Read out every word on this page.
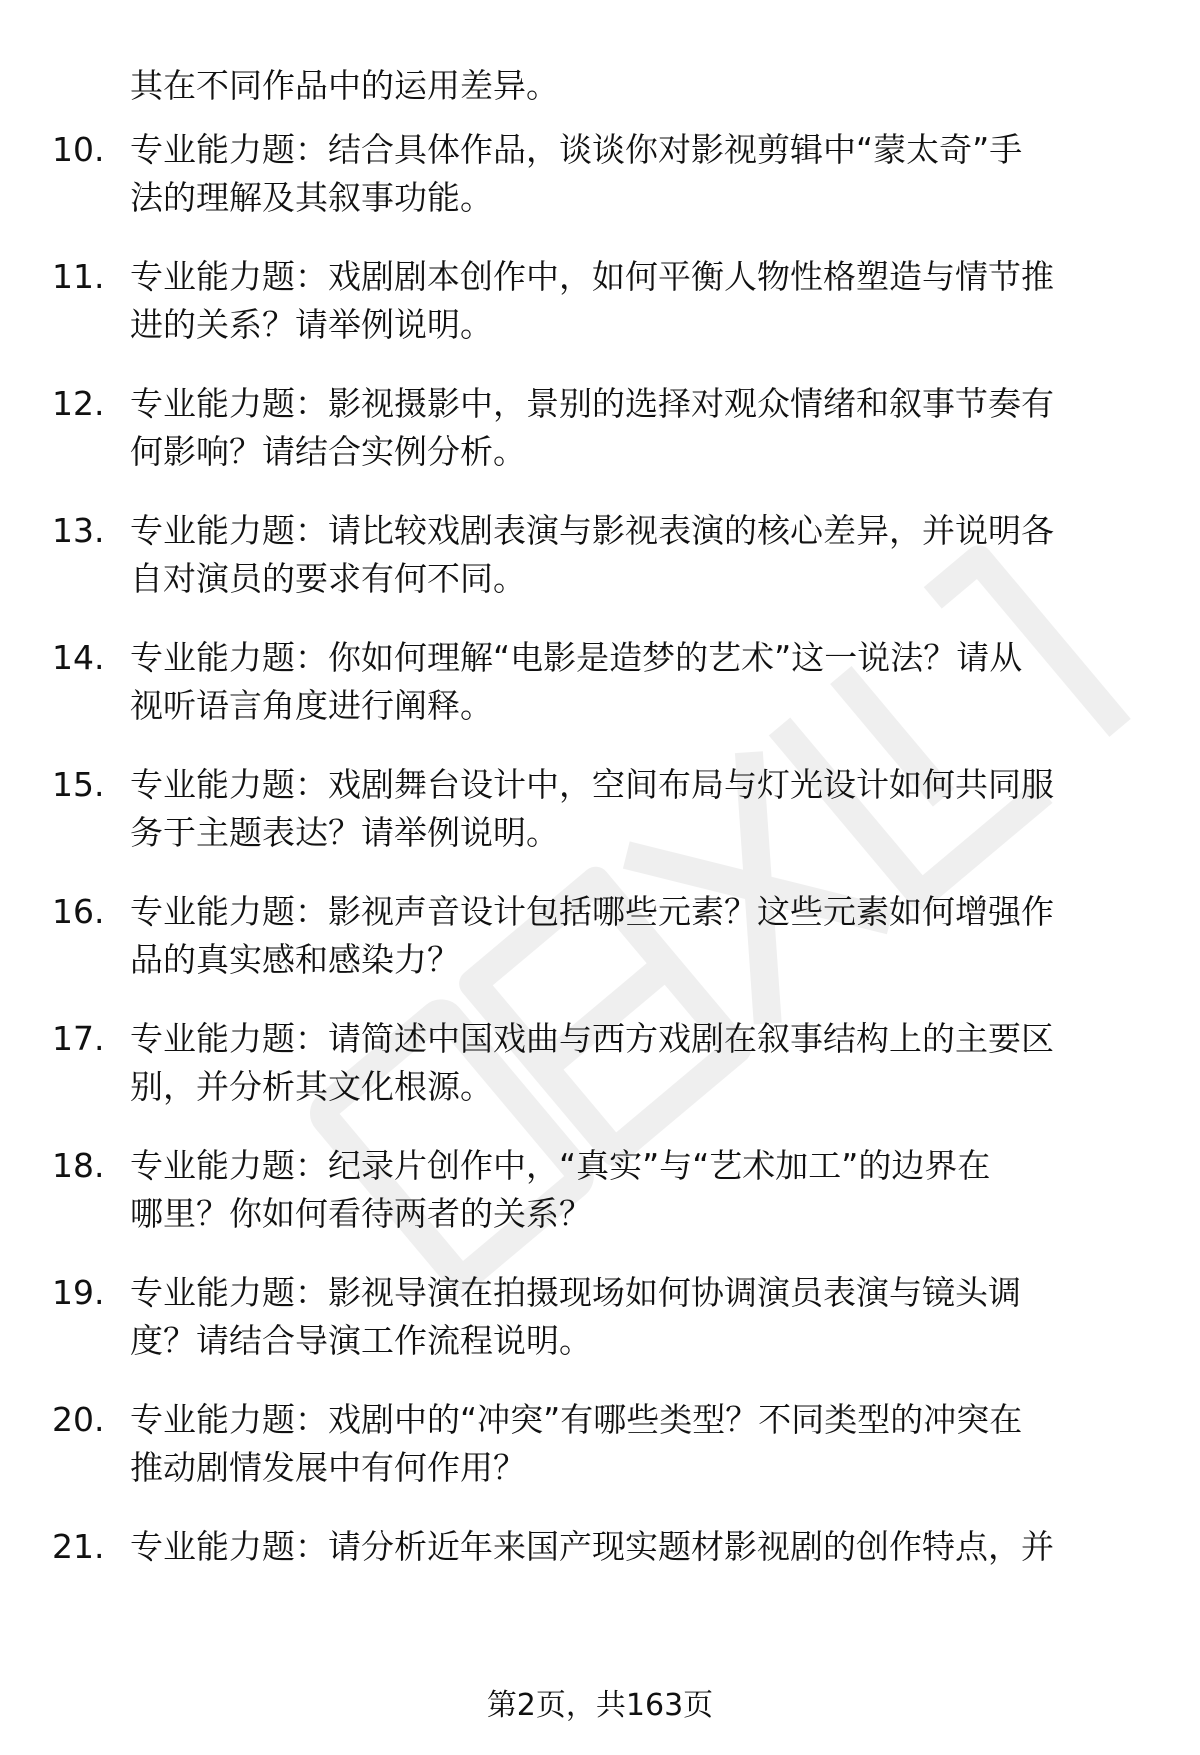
其在不同作品中的运用差异。
10. 专业能力题：结合具体作品，谈谈你对影视剪辑中“蒙太奇”手
法的理解及其叙事功能。
11. 专业能力题：戏剧剧本创作中，如何平衡人物性格塑造与情节推
进的关系？请举例说明。
12. 专业能力题：影视摄影中，景别的选择对观众情绪和叙事节奏有
何影响？请结合实例分析。
13. 专业能力题：请比较戏剧表演与影视表演的核心差异，并说明各
自对演员的要求有何不同。
14. 专业能力题：你如何理解“电影是造梦的艺术”这一说法？请从
视听语言角度进行阐释。
15. 专业能力题：戏剧舞台设计中，空间布局与灯光设计如何共同服
务于主题表达？请举例说明。
16. 专业能力题：影视声音设计包括哪些元素？这些元素如何增强作
品的真实感和感染力？
17. 专业能力题：请简述中国戏曲与西方戏剧在叙事结构上的主要区
别，并分析其文化根源。
18. 专业能力题：纪录片创作中，“真实”与“艺术加工”的边界在
哪里？你如何看待两者的关系？
19. 专业能力题：影视导演在拍摄现场如何协调演员表演与镜头调
度？请结合导演工作流程说明。
20. 专业能力题：戏剧中的“冲突”有哪些类型？不同类型的冲突在
推动剧情发展中有何作用？
21. 专业能力题：请分析近年来国产现实题材影视剧的创作特点，并
第2页，共163页
